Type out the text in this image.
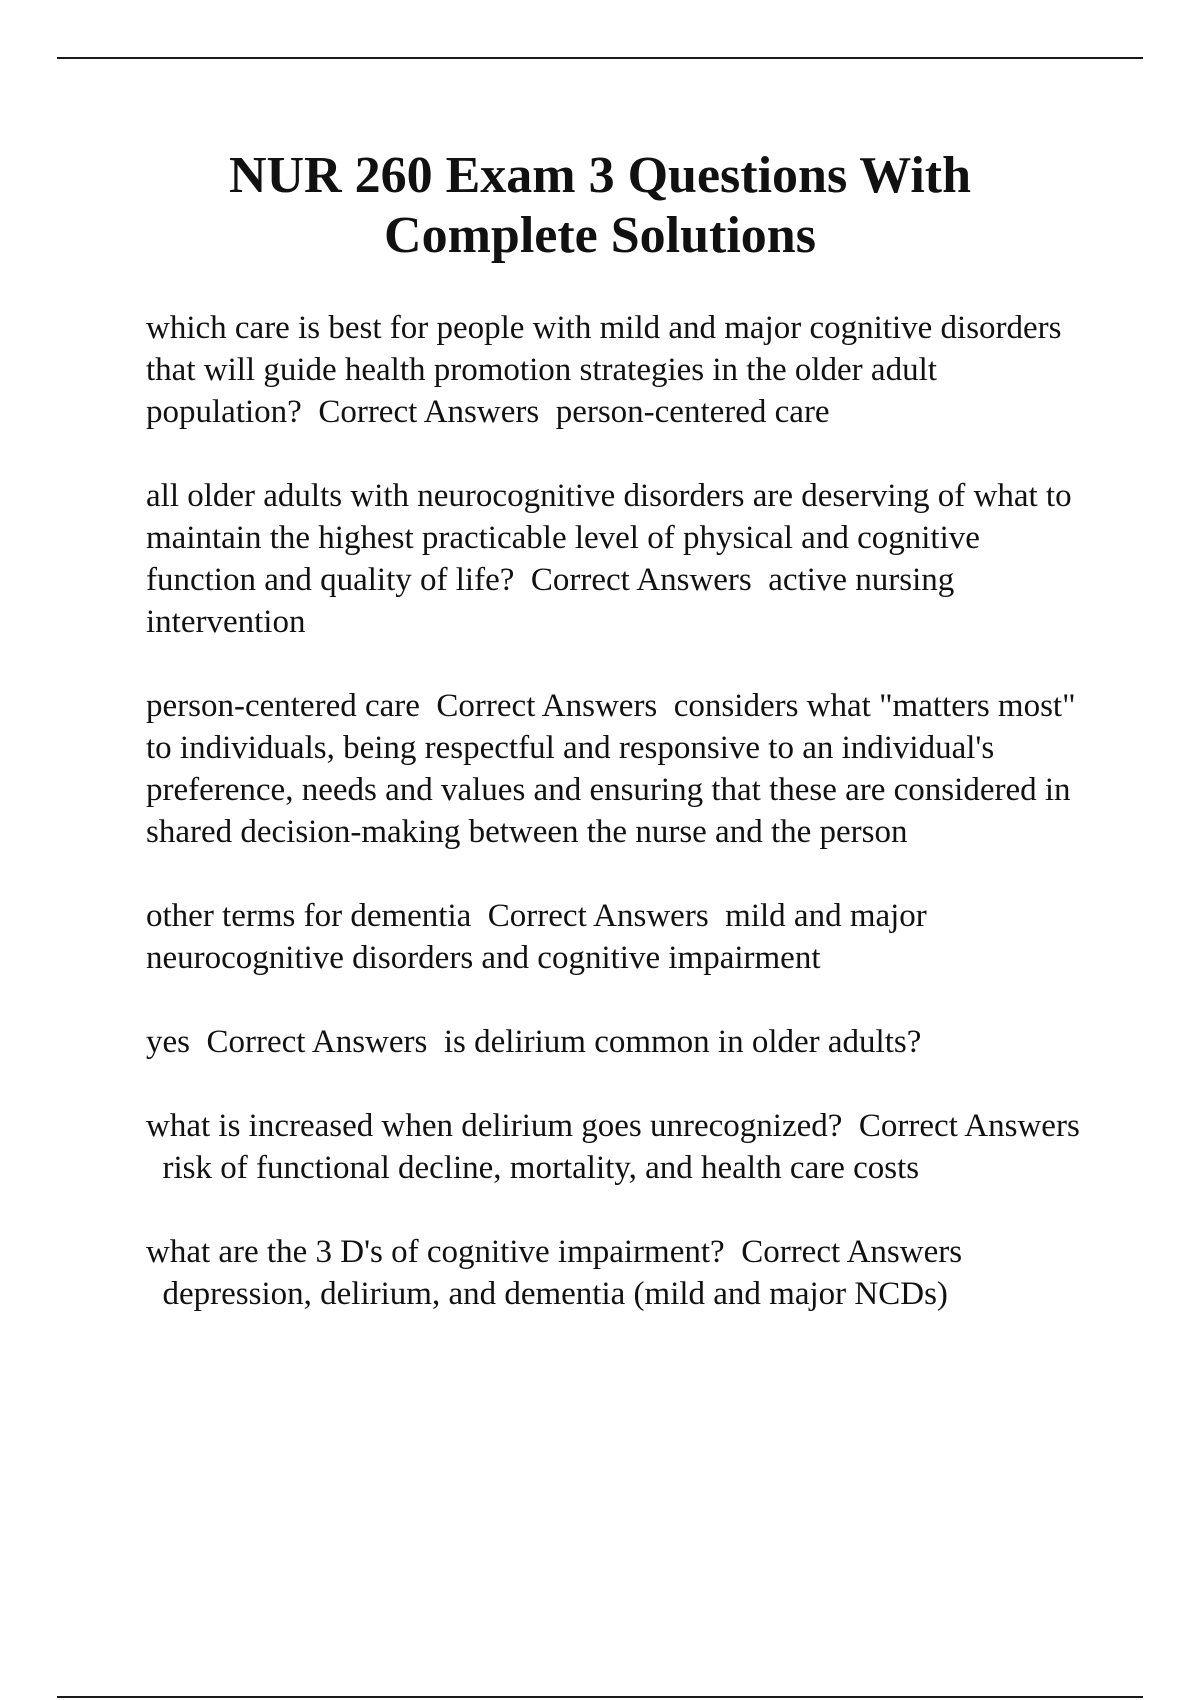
NUR 260 Exam 3 Questions With
Complete Solutions

which care is best for people with mild and major cognitive disorders that will guide health promotion strategies in the older adult population? Correct Answers person-centered care

all older adults with neurocognitive disorders are deserving of what to maintain the highest practicable level of physical and cognitive function and quality of life? Correct Answers active nursing intervention

person-centered care Correct Answers considers what "matters most" to individuals, being respectful and responsive to an individual's preference, needs and values and ensuring that these are considered in shared decision-making between the nurse and the person

other terms for dementia Correct Answers mild and major neurocognitive disorders and cognitive impairment

yes Correct Answers is delirium common in older adults?

what is increased when delirium goes unrecognized? Correct Answers  risk of functional decline, mortality, and health care costs

what are the 3 D's of cognitive impairment? Correct Answers  depression, delirium, and dementia (mild and major NCDs)
